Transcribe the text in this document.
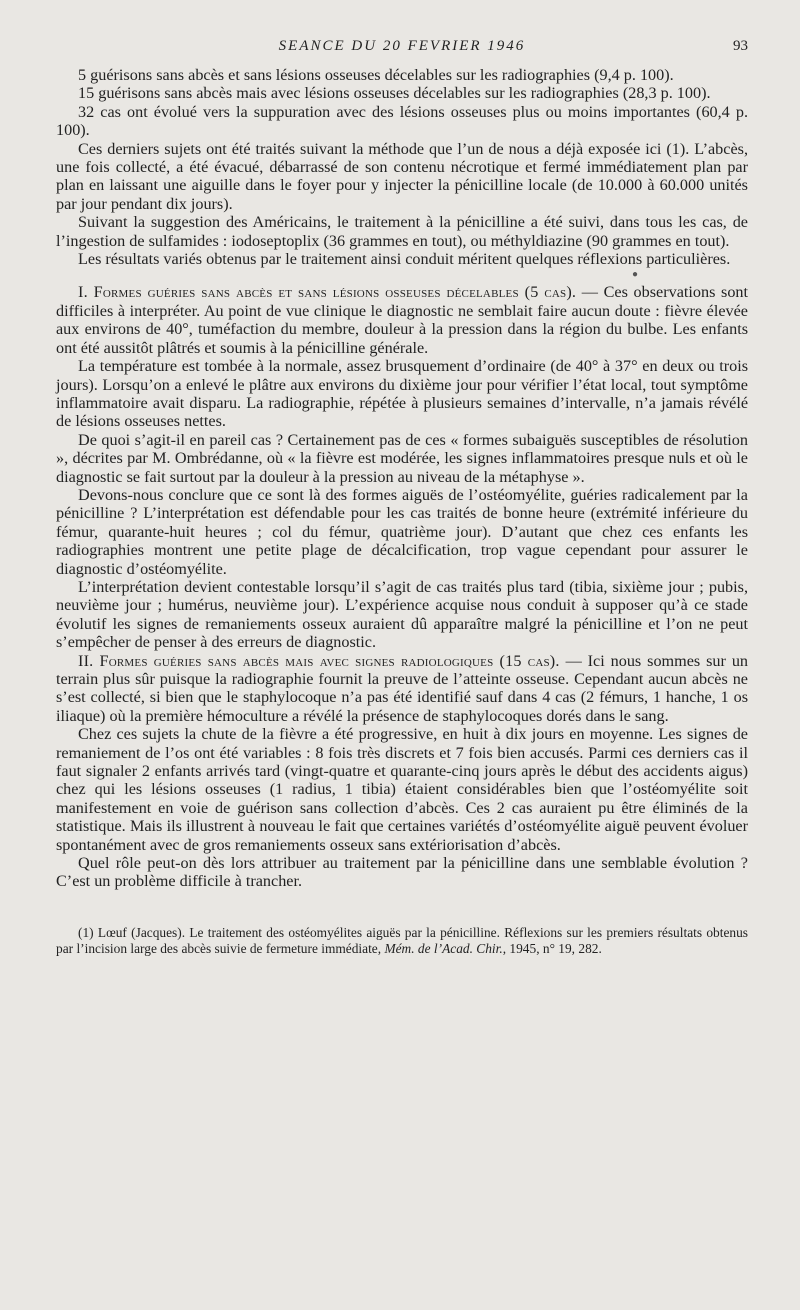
SEANCE DU 20 FEVRIER 1946	93

5 guérisons sans abcès et sans lésions osseuses décelables sur les radiographies (9,4 p. 100).

15 guérisons sans abcès mais avec lésions osseuses décelables sur les radiographies (28,3 p. 100).

32 cas ont évolué vers la suppuration avec des lésions osseuses plus ou moins importantes (60,4 p. 100).

Ces derniers sujets ont été traités suivant la méthode que l’un de nous a déjà exposée ici (1). L’abcès, une fois collecté, a été évacué, débarrassé de son contenu nécrotique et fermé immédiatement plan par plan en laissant une aiguille dans le foyer pour y injecter la pénicilline locale (de 10.000 à 60.000 unités par jour pendant dix jours).

Suivant la suggestion des Américains, le traitement à la pénicilline a été suivi, dans tous les cas, de l’ingestion de sulfamides : iodoseptoplix (36 grammes en tout), ou méthyldiazine (90 grammes en tout).

Les résultats variés obtenus par le traitement ainsi conduit méritent quelques réflexions particulières.

●

I. Formes guéries sans abcès et sans lésions osseuses décelables (5 cas). — Ces observations sont difficiles à interpréter. Au point de vue clinique le diagnostic ne semblait faire aucun doute : fièvre élevée aux environs de 40°, tuméfaction du membre, douleur à la pression dans la région du bulbe. Les enfants ont été aussitôt plâtrés et soumis à la pénicilline générale.

La température est tombée à la normale, assez brusquement d’ordinaire (de 40° à 37° en deux ou trois jours). Lorsqu’on a enlevé le plâtre aux environs du dixième jour pour vérifier l’état local, tout symptôme inflammatoire avait disparu. La radiographie, répétée à plusieurs semaines d’intervalle, n’a jamais révélé de lésions osseuses nettes.

De quoi s’agit-il en pareil cas ? Certainement pas de ces « formes subaiguës susceptibles de résolution », décrites par M. Ombrédanne, où « la fièvre est modérée, les signes inflammatoires presque nuls et où le diagnostic se fait surtout par la douleur à la pression au niveau de la métaphyse ».

Devons-nous conclure que ce sont là des formes aiguës de l’ostéomyélite, guéries radicalement par la pénicilline ? L’interprétation est défendable pour les cas traités de bonne heure (extrémité inférieure du fémur, quarante-huit heures ; col du fémur, quatrième jour). D’autant que chez ces enfants les radiographies montrent une petite plage de décalcification, trop vague cependant pour assurer le diagnostic d’ostéomyélite.

L’interprétation devient contestable lorsqu’il s’agit de cas traités plus tard (tibia, sixième jour ; pubis, neuvième jour ; humérus, neuvième jour). L’expérience acquise nous conduit à supposer qu’à ce stade évolutif les signes de remaniements osseux auraient dû apparaître malgré la pénicilline et l’on ne peut s’empêcher de penser à des erreurs de diagnostic.

II. Formes guéries sans abcès mais avec signes radiologiques (15 cas). — Ici nous sommes sur un terrain plus sûr puisque la radiographie fournit la preuve de l’atteinte osseuse. Cependant aucun abcès ne s’est collecté, si bien que le staphylocoque n’a pas été identifié sauf dans 4 cas (2 fémurs, 1 hanche, 1 os iliaque) où la première hémoculture a révélé la présence de staphylocoques dorés dans le sang.

Chez ces sujets la chute de la fièvre a été progressive, en huit à dix jours en moyenne. Les signes de remaniement de l’os ont été variables : 8 fois très discrets et 7 fois bien accusés. Parmi ces derniers cas il faut signaler 2 enfants arrivés tard (vingt-quatre et quarante-cinq jours après le début des accidents aigus) chez qui les lésions osseuses (1 radius, 1 tibia) étaient considérables bien que l’ostéomyélite soit manifestement en voie de guérison sans collection d’abcès. Ces 2 cas auraient pu être éliminés de la statistique. Mais ils illustrent à nouveau le fait que certaines variétés d’ostéomyélite aiguë peuvent évoluer spontanément avec de gros remaniements osseux sans extériorisation d’abcès.

Quel rôle peut-on dès lors attribuer au traitement par la pénicilline dans une semblable évolution ? C’est un problème difficile à trancher.

(1) Lœuf (Jacques). Le traitement des ostéomyélites aiguës par la pénicilline. Réflexions sur les premiers résultats obtenus par l’incision large des abcès suivie de fermeture immédiate, Mém. de l’Acad. Chir., 1945, n° 19, 282.
